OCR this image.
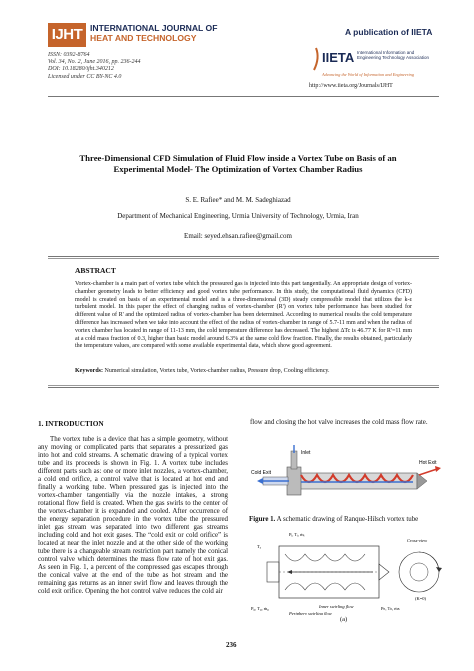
IJHT INTERNATIONAL JOURNAL OF
HEAT AND TECHNOLOGY
ISSN: 0392-8764
Vol. 34, No. 2, June 2016, pp. 236-244
DOI: 10.18280/ijht.340212
Licensed under CC BY-NC 4.0
A publication of IIETA
IIETA International Information and
Engineering Technology Association
Advancing the World of Information and Engineering
http://www.iieta.org/Journals/IJHT
Three-Dimensional CFD Simulation of Fluid Flow inside a Vortex Tube on Basis of an Experimental Model- The Optimization of Vortex Chamber Radius
S. E. Rafiee* and M. M. Sadeghiazad
Department of Mechanical Engineering, Urmia University of Technology, Urmia, Iran
Email: seyed.ehsan.rafiee@gmail.com
ABSTRACT
Vortex-chamber is a main part of vortex tube which the pressured gas is injected into this part tangentially. An appropriate design of vortex-chamber geometry leads to better efficiency and good vortex tube performance. In this study, the computational fluid dynamics (CFD) model is created on basis of an experimental model and is a three-dimensional (3D) steady compressible model that utilizes the k-ε turbulent model. In this paper the effect of changing radius of vortex-chamber (R') on vortex tube performance has been studied for different value of R' and the optimized radius of vortex-chamber has been determined. According to numerical results the cold temperature difference has increased when we take into account the effect of the radius of vortex-chamber in range of 5.7-11 mm and when the radius of vortex chamber has located in range of 11-13 mm, the cold temperature difference has decreased. The highest ΔTc is 46.77 K for R'=11 mm at a cold mass fraction of 0.3, higher than basic model around 6.3% at the same cold flow fraction. Finally, the results obtained, particularly the temperature values, are compared with some available experimental data, which show good agreement.
Keywords: Numerical simulation, Vortex tube, Vortex-chamber radius, Pressure drop, Cooling efficiency.
1. INTRODUCTION
The vortex tube is a device that has a simple geometry, without any moving or complicated parts that separates a pressurized gas into hot and cold streams. A schematic drawing of a typical vortex tube and its proceeds is shown in Fig. 1. A vortex tube includes different parts such as: one or more inlet nozzles, a vortex-chamber, a cold end orifice, a control valve that is located at hot end and finally a working tube. When pressured gas is injected into the vortex-chamber tangentially via the nozzle intakes, a strong rotational flow field is created. When the gas swirls to the center of the vortex-chamber it is expanded and cooled. After occurrence of the energy separation procedure in the vortex tube the pressured inlet gas stream was separated into two different gas streams including cold and hot exit gases. The “cold exit or cold orifice” is located at near the inlet nozzle and at the other side of the working tube there is a changeable stream restriction part namely the conical control valve which determines the mass flow rate of hot exit gas. As seen in Fig. 1, a percent of the compressed gas escapes through the conical valve at the end of the tube as hot stream and the remaining gas returns as an inner swirl flow and leaves through the cold exit orifice. Opening the hot control valve reduces the cold air
flow and closing the hot valve increases the cold mass flow rate.
Inlet
Cold Exit
Hot Exit
Figure 1. A schematic drawing of Ranque-Hilsch vortex tube
Pᵢ, Tᵢ, ṁᵢ
P₀, T₀, ṁ₀	Pₕ, Tₕ, ṁₕ
Inner swirling flow
Periphery swirling flow
Cross-view
Tₐ
(K=0)
(a)
236
